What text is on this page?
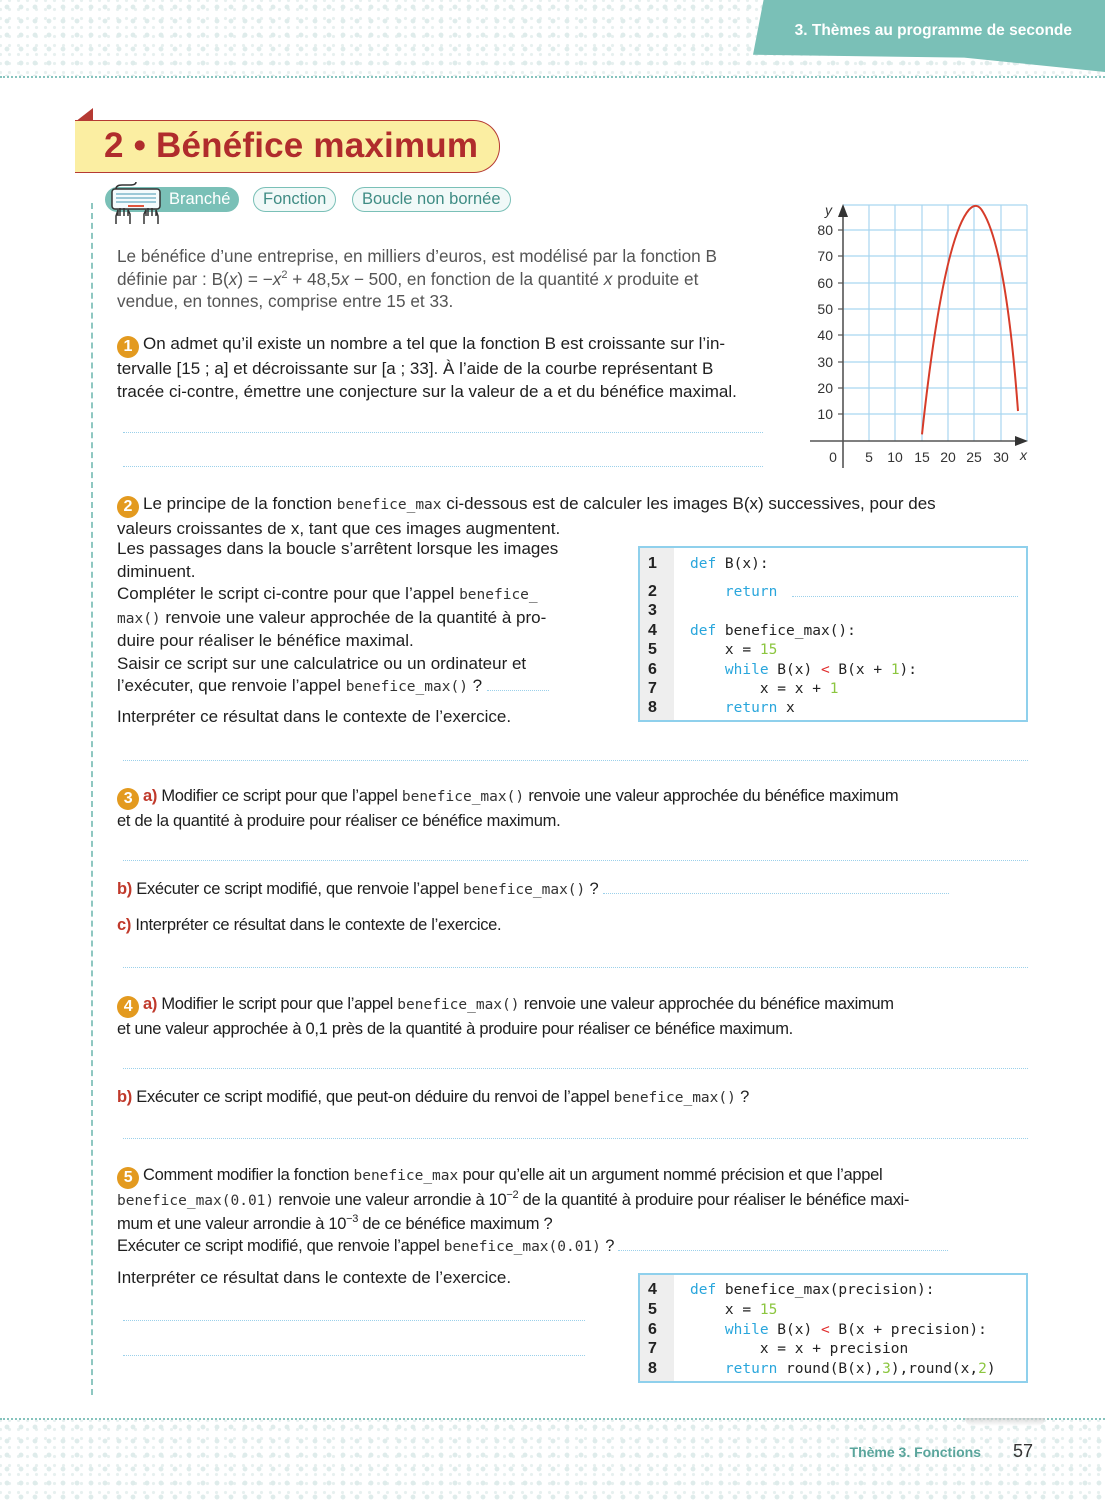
3. Thèmes au programme de seconde
2 • Bénéfice maximum
Branché	Fonction	Boucle non bornée
Le bénéfice d’une entreprise, en milliers d’euros, est modélisé par la fonction B
définie par : $B(x) = -x^2 + 48,5x - 500$, en fonction de la quantité x produite et
vendue, en tonnes, comprise entre 15 et 33.
1 On admet qu’il existe un nombre a tel que la fonction B est croissante sur l’in-
tervalle [15 ; a] et décroissante sur [a ; 33]. À l’aide de la courbe représentant B
tracée ci-contre, émettre une conjecture sur la valeur de a et du bénéfice maximal.
10
20
30
40
50
60
70
80
0 5 10 15 20 25 30 x
y
2 Le principe de la fonction benefice_max ci-dessous est de calculer les images B(x) successives, pour des
valeurs croissantes de x, tant que ces images augmentent.
Les passages dans la boucle s’arrêtent lorsque les images
diminuent.
Compléter le script ci-contre pour que l’appel benefice_
max() renvoie une valeur approchée de la quantité à pro-
duire pour réaliser le bénéfice maximal.
Saisir ce script sur une calculatrice ou un ordinateur et
l’exécuter, que renvoie l’appel benefice_max() ?
Interpréter ce résultat dans le contexte de l’exercice.
1 def B(x):
2 return
3
4 def benefice_max():
5 x = 15
6 while B(x) < B(x + 1):
7 x = x + 1
8 return x
3 a) Modifier ce script pour que l’appel benefice_max() renvoie une valeur approchée du bénéfice maximum
et de la quantité à produire pour réaliser ce bénéfice maximum.
b) Exécuter ce script modifié, que renvoie l’appel benefice_max() ?
c) Interpréter ce résultat dans le contexte de l’exercice.
4 a) Modifier le script pour que l’appel benefice_max() renvoie une valeur approchée du bénéfice maximum
et une valeur approchée à 0,1 près de la quantité à produire pour réaliser ce bénéfice maximum.
b) Exécuter ce script modifié, que peut-on déduire du renvoi de l’appel benefice_max() ?
5 Comment modifier la fonction benefice_max pour qu’elle ait un argument nommé précision et que l’appel
benefice_max(0.01) renvoie une valeur arrondie à $10^{-2}$ de la quantité à produire pour réaliser le bénéfice maxi-
mum et une valeur arrondie à $10^{-3}$ de ce bénéfice maximum ?
Exécuter ce script modifié, que renvoie l’appel benefice_max(0.01) ?
Interpréter ce résultat dans le contexte de l’exercice.
4 def benefice_max(precision):
5 x = 15
6 while B(x) < B(x + precision):
7 x = x + precision
8 return round(B(x),3),round(x,2)
Thème 3. Fonctions 57
